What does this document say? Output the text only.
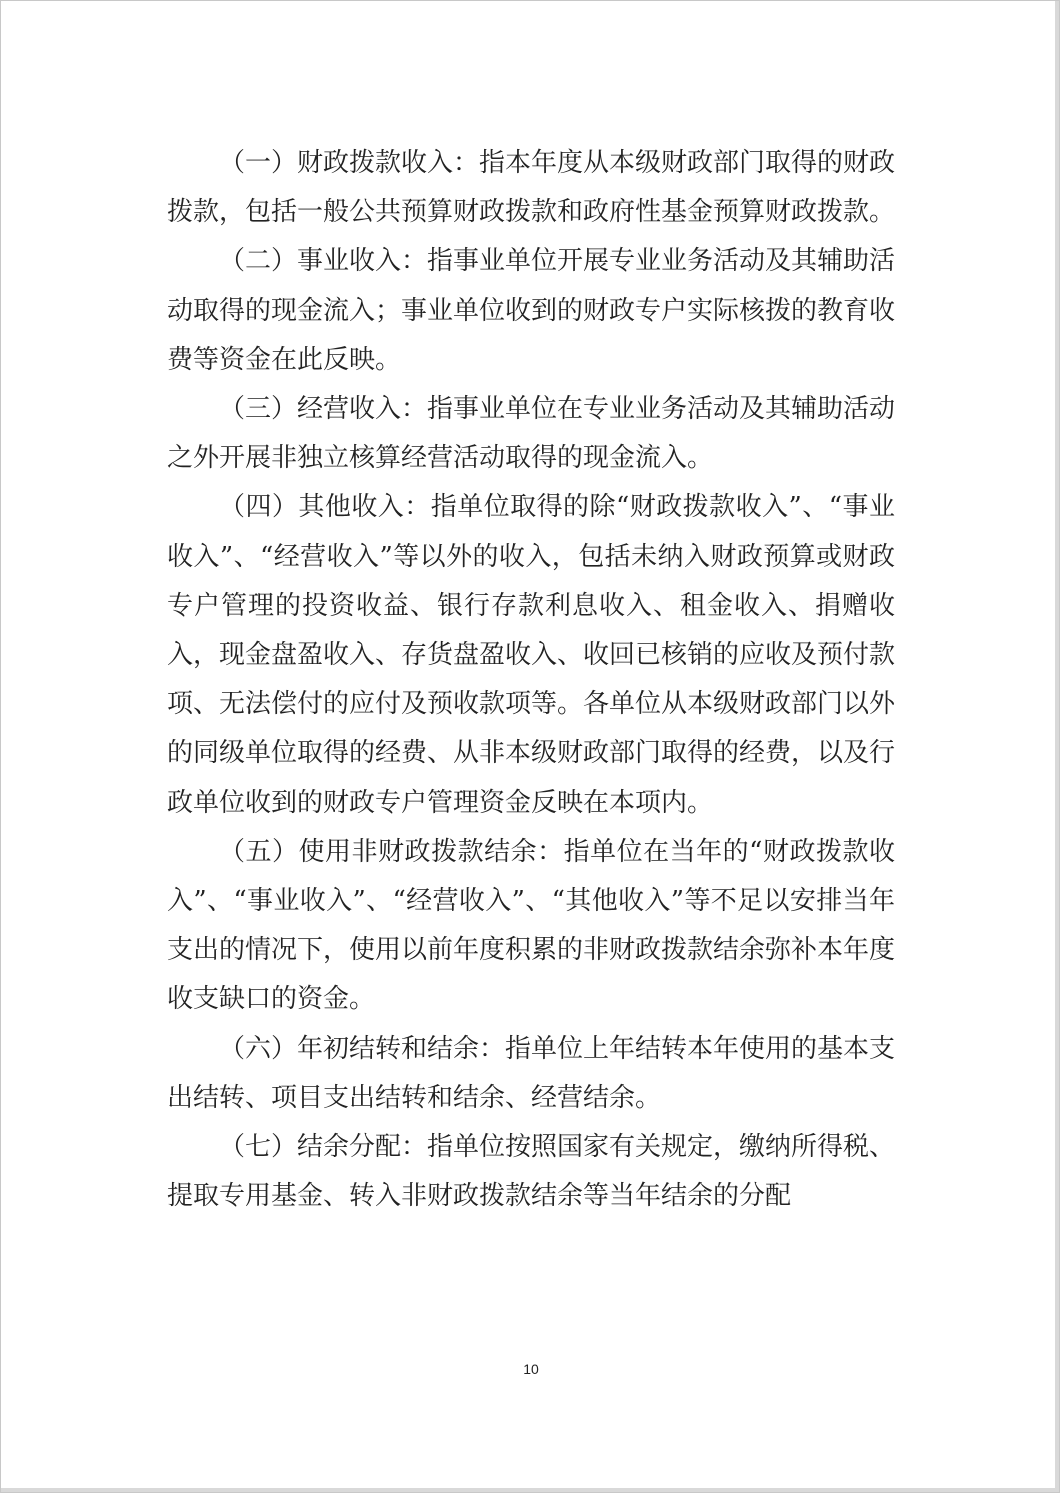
（一）财政拨款收入：指本年度从本级财政部门取得的财政拨款，包括一般公共预算财政拨款和政府性基金预算财政拨款。

（二）事业收入：指事业单位开展专业业务活动及其辅助活动取得的现金流入；事业单位收到的财政专户实际核拨的教育收费等资金在此反映。

（三）经营收入：指事业单位在专业业务活动及其辅助活动之外开展非独立核算经营活动取得的现金流入。

（四）其他收入：指单位取得的除“财政拨款收入”、“事业收入”、“经营收入”等以外的收入，包括未纳入财政预算或财政专户管理的投资收益、银行存款利息收入、租金收入、捐赠收入，现金盘盈收入、存货盘盈收入、收回已核销的应收及预付款项、无法偿付的应付及预收款项等。各单位从本级财政部门以外的同级单位取得的经费、从非本级财政部门取得的经费，以及行政单位收到的财政专户管理资金反映在本项内。

（五）使用非财政拨款结余：指单位在当年的“财政拨款收入”、“事业收入”、“经营收入”、“其他收入”等不足以安排当年支出的情况下，使用以前年度积累的非财政拨款结余弥补本年度收支缺口的资金。

（六）年初结转和结余：指单位上年结转本年使用的基本支出结转、项目支出结转和结余、经营结余。

（七）结余分配：指单位按照国家有关规定，缴纳所得税、提取专用基金、转入非财政拨款结余等当年结余的分配

10
